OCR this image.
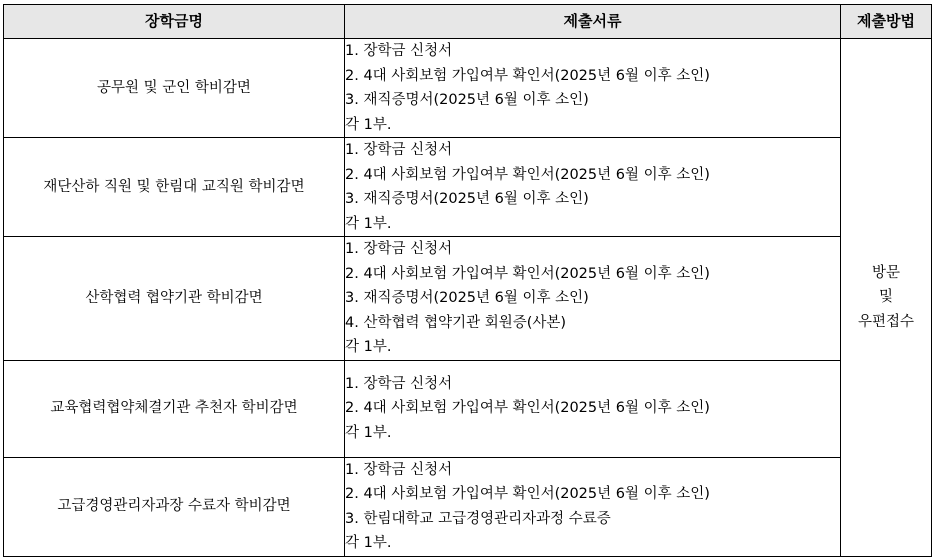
장학금명	제출서류	제출방법
공무원 및 군인 학비감면	1. 장학금 신청서
2. 4대 사회보험 가입여부 확인서(2025년 6월 이후 소인)
3. 재직증명서(2025년 6월 이후 소인)
각 1부.	방문
및
우편접수

재단산하 직원 및 한림대 교직원 학비감면	1. 장학금 신청서
2. 4대 사회보험 가입여부 확인서(2025년 6월 이후 소인)
3. 재직증명서(2025년 6월 이후 소인)
각 1부.	

산학협력 협약기관 학비감면	1. 장학금 신청서
2. 4대 사회보험 가입여부 확인서(2025년 6월 이후 소인)
3. 재직증명서(2025년 6월 이후 소인)
4. 산학협력 협약기관 회원증(사본)
각 1부.	

교육협력협약체결기관 추천자 학비감면	1. 장학금 신청서
2. 4대 사회보험 가입여부 확인서(2025년 6월 이후 소인)
각 1부.	

고급경영관리자과장 수료자 학비감면	1. 장학금 신청서
2. 4대 사회보험 가입여부 확인서(2025년 6월 이후 소인)
3. 한림대학교 고급경영관리자과정 수료증
각 1부.	
